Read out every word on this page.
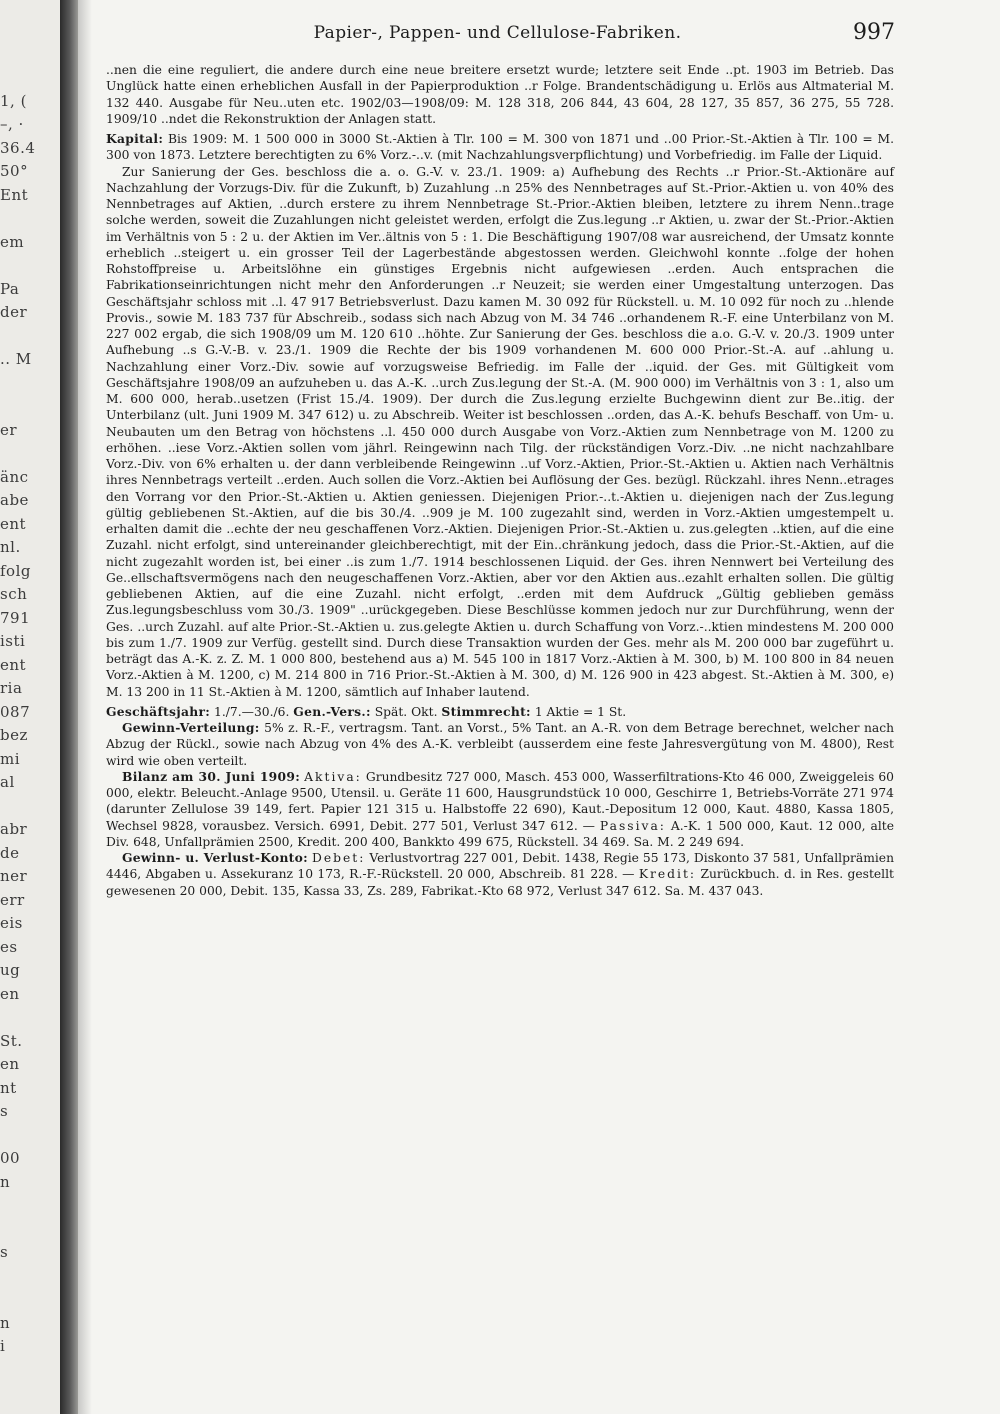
1, (
–, ·
36.4
50°
Ent
em
Pa
der
.. M
er
änc
abe
ent
nl.
folg
sch
791
isti
ent
ria
087
bez
mi
al
abr
de
ner
err
eis
es
ug
en
St.
en
nt
s
00
n
s
n
i
Papier-, Pappen- und Cellulose-Fabriken.	997

..nen die eine reguliert, die andere durch eine neue breitere ersetzt wurde; letztere seit Ende ..pt. 1903 im Betrieb. Das Unglück hatte einen erheblichen Ausfall in der Papierproduktion ..r Folge. Brandentschädigung u. Erlös aus Altmaterial M. 132 440. Ausgabe für Neu..uten etc. 1902/03—1908/09: M. 128 318, 206 844, 43 604, 28 127, 35 857, 36 275, 55 728. 1909/10 ..ndet die Rekonstruktion der Anlagen statt.

Kapital: Bis 1909: M. 1 500 000 in 3000 St.-Aktien à Tlr. 100 = M. 300 von 1871 und ..00 Prior.-St.-Aktien à Tlr. 100 = M. 300 von 1873. Letztere berechtigten zu 6% Vorz.-..v. (mit Nachzahlungsverpflichtung) und Vorbefriedig. im Falle der Liquid.

Zur Sanierung der Ges. beschloss die a. o. G.-V. v. 23./1. 1909: a) Aufhebung des Rechts ..r Prior.-St.-Aktionäre auf Nachzahlung der Vorzugs-Div. für die Zukunft, b) Zuzahlung ..n 25% des Nennbetrages auf St.-Prior.-Aktien u. von 40% des Nennbetrages auf Aktien, ..durch erstere zu ihrem Nennbetrage St.-Prior.-Aktien bleiben, letztere zu ihrem Nenn..trage solche werden, soweit die Zuzahlungen nicht geleistet werden, erfolgt die Zus.legung ..r Aktien, u. zwar der St.-Prior.-Aktien im Verhältnis von 5 : 2 u. der Aktien im Ver..ältnis von 5 : 1. Die Beschäftigung 1907/08 war ausreichend, der Umsatz konnte erheblich ..steigert u. ein grosser Teil der Lagerbestände abgestossen werden. Gleichwohl konnte ..folge der hohen Rohstoffpreise u. Arbeitslöhne ein günstiges Ergebnis nicht aufgewiesen ..erden. Auch entsprachen die Fabrikationseinrichtungen nicht mehr den Anforderungen ..r Neuzeit; sie werden einer Umgestaltung unterzogen. Das Geschäftsjahr schloss mit ..l. 47 917 Betriebsverlust. Dazu kamen M. 30 092 für Rückstell. u. M. 10 092 für noch zu ..hlende Provis., sowie M. 183 737 für Abschreib., sodass sich nach Abzug von M. 34 746 ..orhandenem R.-F. eine Unterbilanz von M. 227 002 ergab, die sich 1908/09 um M. 120 610 ..höhte. Zur Sanierung der Ges. beschloss die a.o. G.-V. v. 20./3. 1909 unter Aufhebung ..s G.-V.-B. v. 23./1. 1909 die Rechte der bis 1909 vorhandenen M. 600 000 Prior.-St.-A. auf ..ahlung u. Nachzahlung einer Vorz.-Div. sowie auf vorzugsweise Befriedig. im Falle der ..iquid. der Ges. mit Gültigkeit vom Geschäftsjahre 1908/09 an aufzuheben u. das A.-K. ..urch Zus.legung der St.-A. (M. 900 000) im Verhältnis von 3 : 1, also um M. 600 000, herab..usetzen (Frist 15./4. 1909). Der durch die Zus.legung erzielte Buchgewinn dient zur Be..itig. der Unterbilanz (ult. Juni 1909 M. 347 612) u. zu Abschreib. Weiter ist beschlossen ..orden, das A.-K. behufs Beschaff. von Um- u. Neubauten um den Betrag von höchstens ..l. 450 000 durch Ausgabe von Vorz.-Aktien zum Nennbetrage von M. 1200 zu erhöhen. ..iese Vorz.-Aktien sollen vom jährl. Reingewinn nach Tilg. der rückständigen Vorz.-Div. ..ne nicht nachzahlbare Vorz.-Div. von 6% erhalten u. der dann verbleibende Reingewinn ..uf Vorz.-Aktien, Prior.-St.-Aktien u. Aktien nach Verhältnis ihres Nennbetrags verteilt ..erden. Auch sollen die Vorz.-Aktien bei Auflösung der Ges. bezügl. Rückzahl. ihres Nenn..etrages den Vorrang vor den Prior.-St.-Aktien u. Aktien geniessen. Diejenigen Prior.-..t.-Aktien u. diejenigen nach der Zus.legung gültig gebliebenen St.-Aktien, auf die bis 30./4. ..909 je M. 100 zugezahlt sind, werden in Vorz.-Aktien umgestempelt u. erhalten damit die ..echte der neu geschaffenen Vorz.-Aktien. Diejenigen Prior.-St.-Aktien u. zus.gelegten ..ktien, auf die eine Zuzahl. nicht erfolgt, sind untereinander gleichberechtigt, mit der Ein..chränkung jedoch, dass die Prior.-St.-Aktien, auf die nicht zugezahlt worden ist, bei einer ..is zum 1./7. 1914 beschlossenen Liquid. der Ges. ihren Nennwert bei Verteilung des Ge..ellschaftsvermögens nach den neugeschaffenen Vorz.-Aktien, aber vor den Aktien aus..ezahlt erhalten sollen. Die gültig gebliebenen Aktien, auf die eine Zuzahl. nicht erfolgt, ..erden mit dem Aufdruck „Gültig geblieben gemäss Zus.legungsbeschluss vom 30./3. 1909" ..urückgegeben. Diese Beschlüsse kommen jedoch nur zur Durchführung, wenn der Ges. ..urch Zuzahl. auf alte Prior.-St.-Aktien u. zus.gelegte Aktien u. durch Schaffung von Vorz.-..ktien mindestens M. 200 000 bis zum 1./7. 1909 zur Verfüg. gestellt sind. Durch diese Transaktion wurden der Ges. mehr als M. 200 000 bar zugeführt u. beträgt das A.-K. z. Z. M. 1 000 800, bestehend aus a) M. 545 100 in 1817 Vorz.-Aktien à M. 300, b) M. 100 800 in 84 neuen Vorz.-Aktien à M. 1200, c) M. 214 800 in 716 Prior.-St.-Aktien à M. 300, d) M. 126 900 in 423 abgest. St.-Aktien à M. 300, e) M. 13 200 in 11 St.-Aktien à M. 1200, sämtlich auf Inhaber lautend.

Geschäftsjahr: 1./7.—30./6. Gen.-Vers.: Spät. Okt. Stimmrecht: 1 Aktie = 1 St.

Gewinn-Verteilung: 5% z. R.-F., vertragsm. Tant. an Vorst., 5% Tant. an A.-R. von dem Betrage berechnet, welcher nach Abzug der Rückl., sowie nach Abzug von 4% des A.-K. verbleibt (ausserdem eine feste Jahresvergütung von M. 4800), Rest wird wie oben verteilt.

Bilanz am 30. Juni 1909: Aktiva: Grundbesitz 727 000, Masch. 453 000, Wasserfiltrations-Kto 46 000, Zweiggeleis 60 000, elektr. Beleucht.-Anlage 9500, Utensil. u. Geräte 11 600, Hausgrundstück 10 000, Geschirre 1, Betriebs-Vorräte 271 974 (darunter Zellulose 39 149, fert. Papier 121 315 u. Halbstoffe 22 690), Kaut.-Depositum 12 000, Kaut. 4880, Kassa 1805, Wechsel 9828, vorausbez. Versich. 6991, Debit. 277 501, Verlust 347 612. — Passiva: A.-K. 1 500 000, Kaut. 12 000, alte Div. 648, Unfallprämien 2500, Kredit. 200 400, Bankkto 499 675, Rückstell. 34 469. Sa. M. 2 249 694.

Gewinn- u. Verlust-Konto: Debet: Verlustvortrag 227 001, Debit. 1438, Regie 55 173, Diskonto 37 581, Unfallprämien 4446, Abgaben u. Assekuranz 10 173, R.-F.-Rückstell. 20 000, Abschreib. 81 228. — Kredit: Zurückbuch. d. in Res. gestellt gewesenen 20 000, Debit. 135, Kassa 33, Zs. 289, Fabrikat.-Kto 68 972, Verlust 347 612. Sa. M. 437 043.
